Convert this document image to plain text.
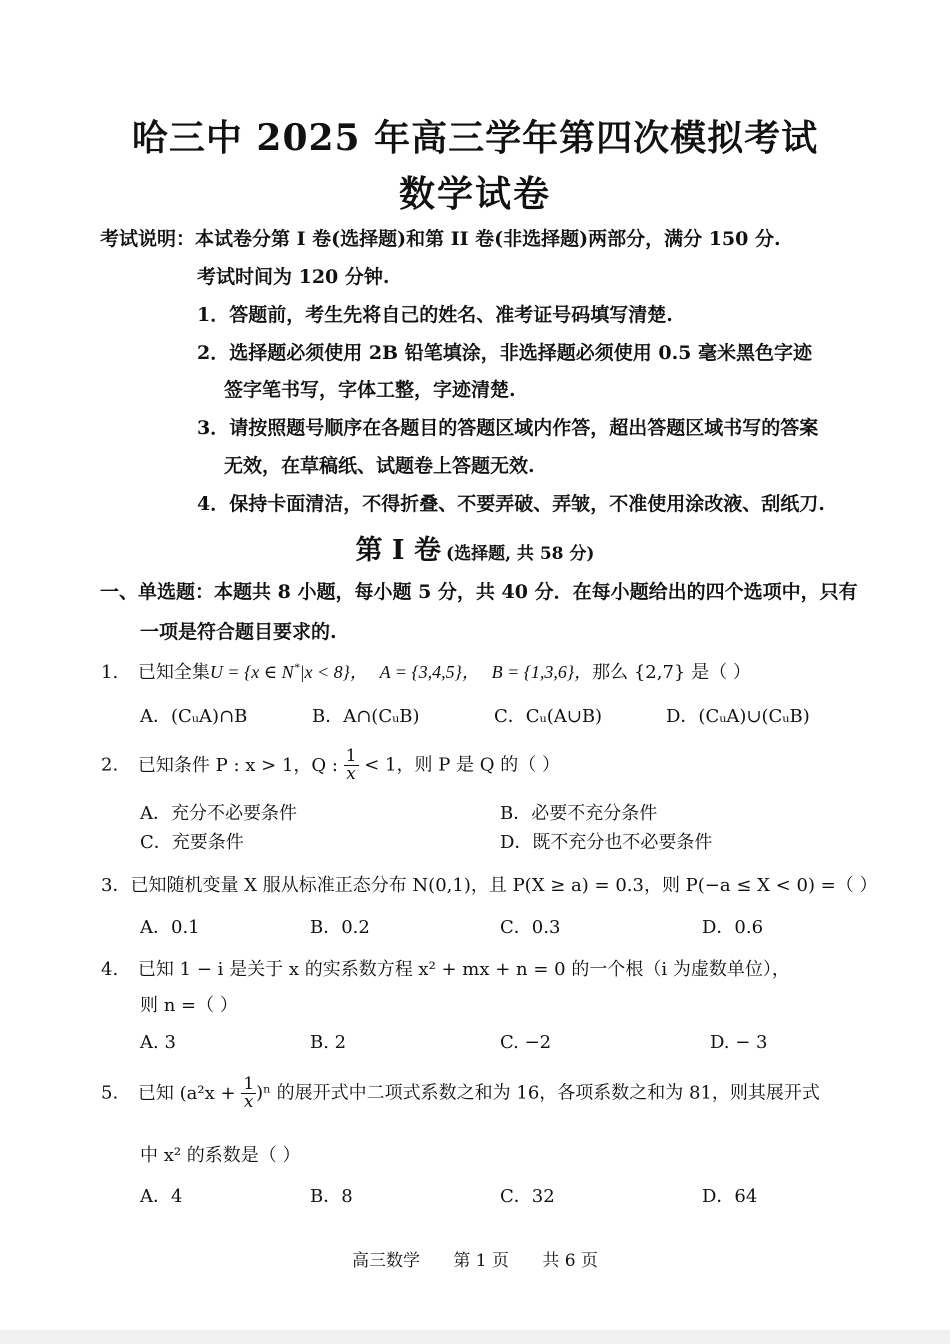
哈三中 2025 年高三学年第四次模拟考试
数学试卷
考试说明：本试卷分第 I 卷(选择题)和第 II 卷(非选择题)两部分，满分 150 分.
考试时间为 120 分钟.
1．答题前，考生先将自己的姓名、准考证号码填写清楚.
2．选择题必须使用 2B 铅笔填涂，非选择题必须使用 0.5 毫米黑色字迹
签字笔书写，字体工整，字迹清楚.
3．请按照题号顺序在各题目的答题区域内作答，超出答题区域书写的答案
无效，在草稿纸、试题卷上答题无效.
4．保持卡面清洁，不得折叠、不要弄破、弄皱，不准使用涂改液、刮纸刀.
第 I 卷 (选择题, 共 58 分)
一、单选题：本题共 8 小题，每小题 5 分，共 40 分．在每小题给出的四个选项中，只有
一项是符合题目要求的.
1. 已知全集U = {x ∈ N*|x < 8}， A = {3,4,5}， B = {1,3,6}，那么 {2,7} 是（ ）
A．(CᵤA)∩B	B．A∩(CᵤB)	C．Cᵤ(A∪B)	D．(CᵤA)∪(CᵤB)
2. 已知条件 P : x > 1，Q : $\frac{1}{x} < 1$，则 P 是 Q 的（ ）
A．充分不必要条件	B．必要不充分条件
C．充要条件	D．既不充分也不必要条件
3．已知随机变量 X 服从标准正态分布 N(0,1)，且 P(X ≥ a) = 0.3，则 P(−a ≤ X < 0) =（ ）
A．0.1	B．0.2	C．0.3	D．0.6
4. 已知 1 − i 是关于 x 的实系数方程 x² + mx + n = 0 的一个根（i 为虚数单位），
则 n =（ ）
A. 3	B. 2	C. −2	D. − 3
5. 已知 $(a^2x + \frac{1}{x} )^n$ 的展开式中二项式系数之和为 16，各项系数之和为 81，则其展开式
中 x² 的系数是（ ）
A．4	B．8	C．32	D．64
高三数学 第 1 页 共 6 页
